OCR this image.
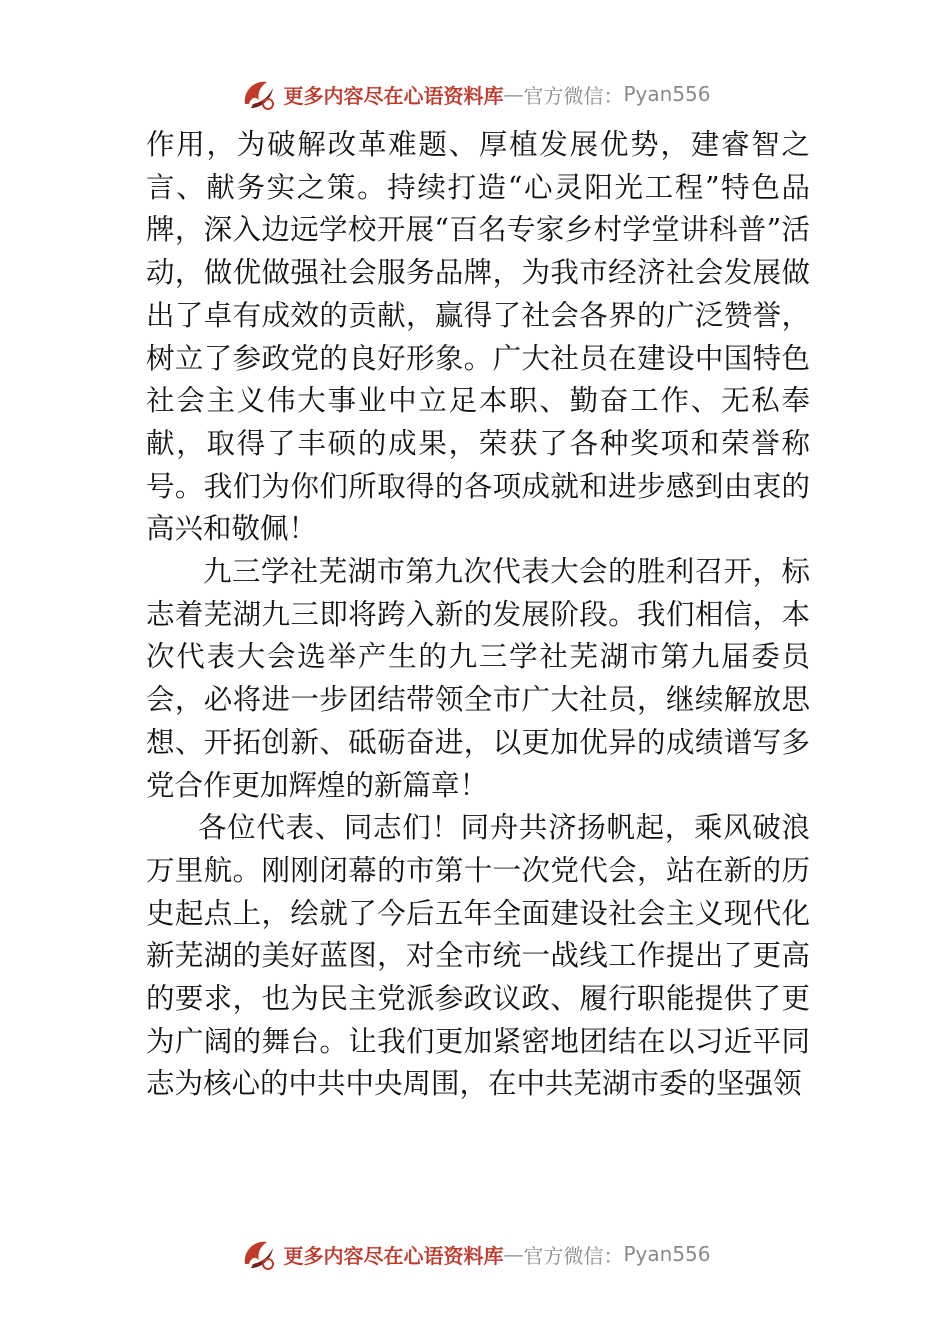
更多内容尽在心语资料库 — 官方微信： Pyan556

作用，为破解改革难题、厚植发展优势，建睿智之言、献务实之策。持续打造“心灵阳光工程”特色品牌，深入边远学校开展“百名专家乡村学堂讲科普”活动，做优做强社会服务品牌，为我市经济社会发展做出了卓有成效的贡献，赢得了社会各界的广泛赞誉，树立了参政党的良好形象。广大社员在建设中国特色社会主义伟大事业中立足本职、勤奋工作、无私奉献，取得了丰硕的成果，荣获了各种奖项和荣誉称号。我们为你们所取得的各项成就和进步感到由衷的高兴和敬佩！

九三学社芜湖市第九次代表大会的胜利召开，标志着芜湖九三即将跨入新的发展阶段。我们相信，本次代表大会选举产生的九三学社芜湖市第九届委员会，必将进一步团结带领全市广大社员，继续解放思想、开拓创新、砥砺奋进，以更加优异的成绩谱写多党合作更加辉煌的新篇章！

各位代表、同志们！同舟共济扬帆起，乘风破浪万里航。刚刚闭幕的市第十一次党代会，站在新的历史起点上，绘就了今后五年全面建设社会主义现代化新芜湖的美好蓝图，对全市统一战线工作提出了更高的要求，也为民主党派参政议政、履行职能提供了更为广阔的舞台。让我们更加紧密地团结在以习近平同志为核心的中共中央周围，在中共芜湖市委的坚强领

更多内容尽在心语资料库 — 官方微信： Pyan556
